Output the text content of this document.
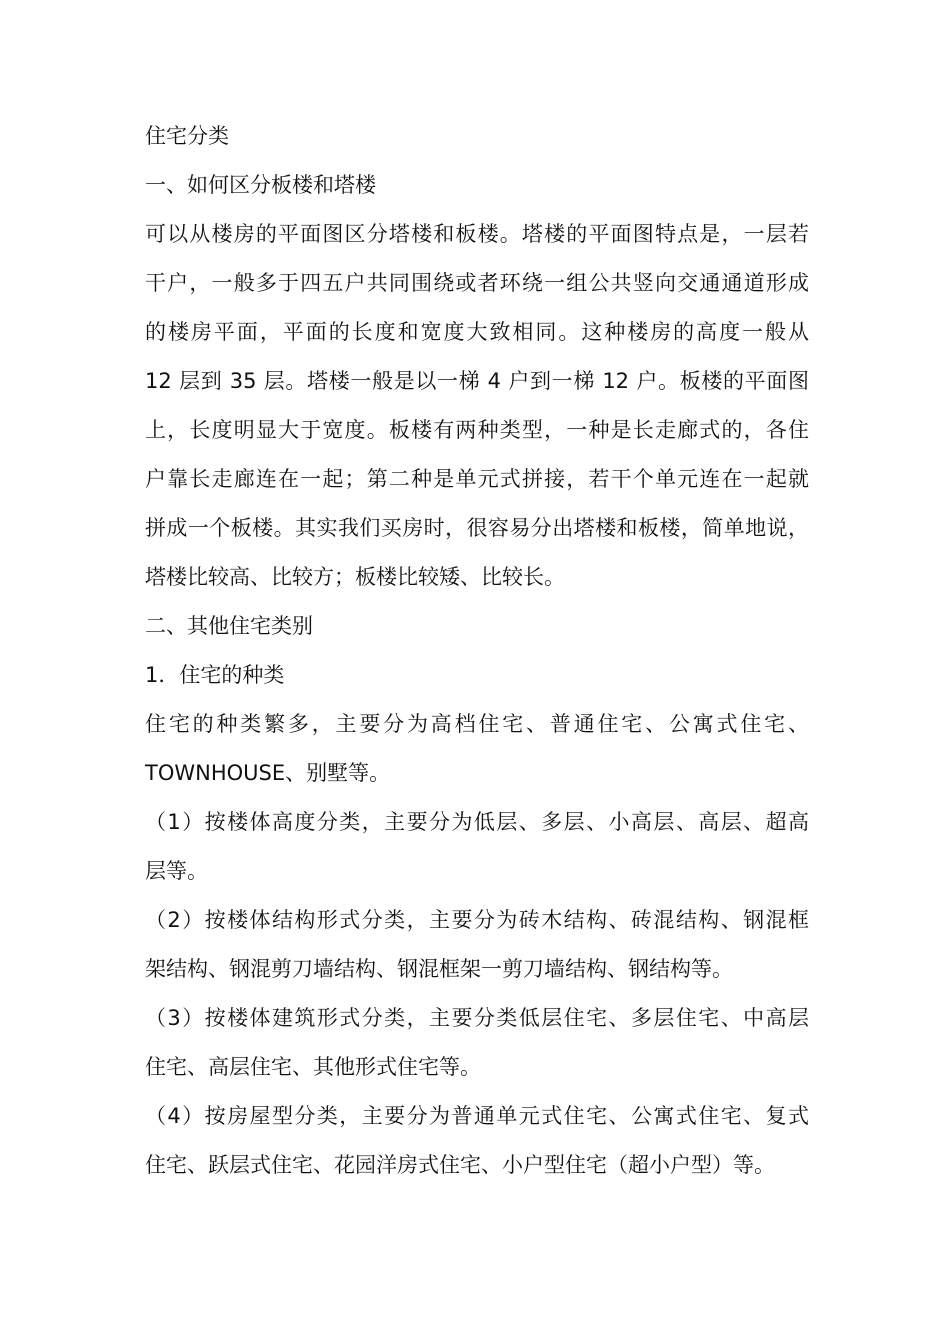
住宅分类
一、如何区分板楼和塔楼
可以从楼房的平面图区分塔楼和板楼。塔楼的平面图特点是，一层若
干户，一般多于四五户共同围绕或者环绕一组公共竖向交通通道形成
的楼房平面，平面的长度和宽度大致相同。这种楼房的高度一般从
12 层到 35 层。塔楼一般是以一梯 4 户到一梯 12 户。板楼的平面图
上，长度明显大于宽度。板楼有两种类型，一种是长走廊式的，各住
户靠长走廊连在一起；第二种是单元式拼接，若干个单元连在一起就
拼成一个板楼。其实我们买房时，很容易分出塔楼和板楼，简单地说，
塔楼比较高、比较方；板楼比较矮、比较长。
二、其他住宅类别
1．住宅的种类
住宅的种类繁多，主要分为高档住宅、普通住宅、公寓式住宅、
TOWNHOUSE、别墅等。
（1）按楼体高度分类，主要分为低层、多层、小高层、高层、超高
层等。
（2）按楼体结构形式分类，主要分为砖木结构、砖混结构、钢混框
架结构、钢混剪刀墙结构、钢混框架一剪刀墙结构、钢结构等。
（3）按楼体建筑形式分类，主要分类低层住宅、多层住宅、中高层
住宅、高层住宅、其他形式住宅等。
（4）按房屋型分类，主要分为普通单元式住宅、公寓式住宅、复式
住宅、跃层式住宅、花园洋房式住宅、小户型住宅（超小户型）等。
